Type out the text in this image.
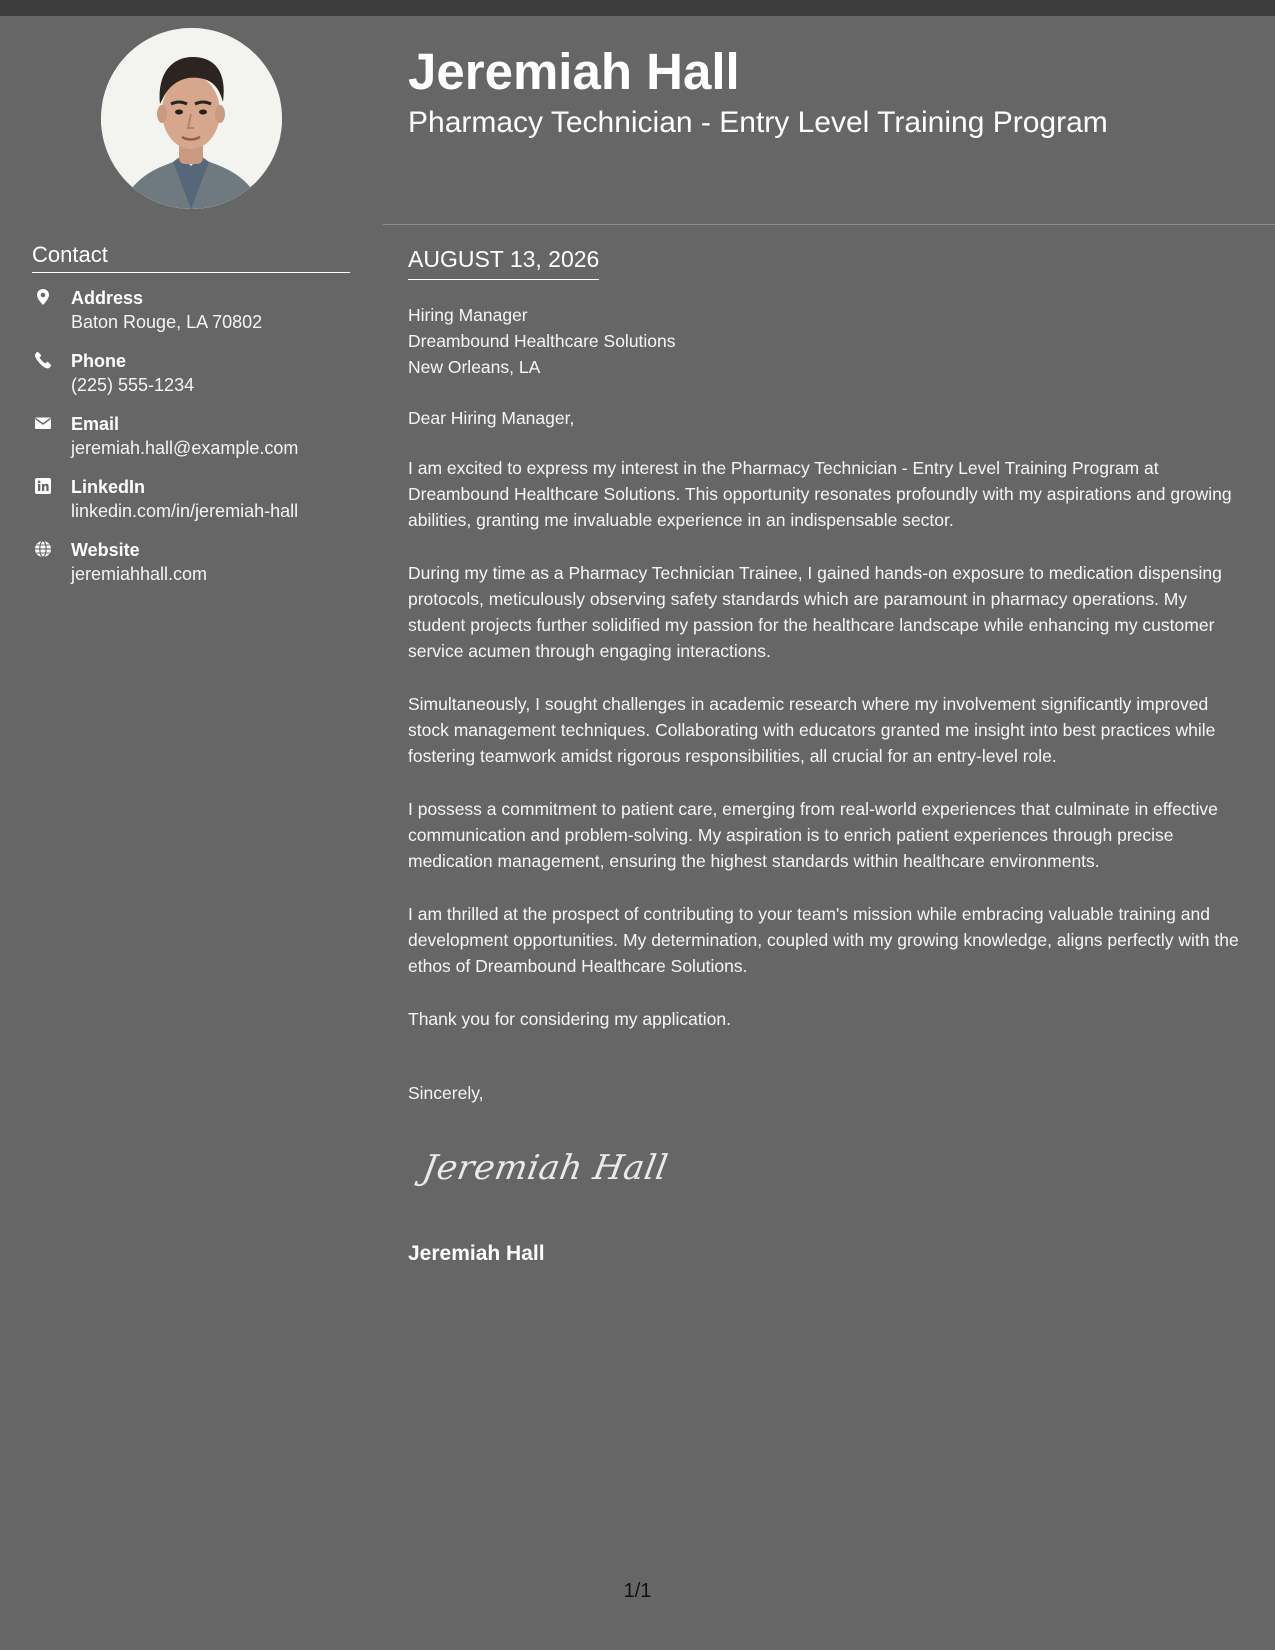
Contact
Address
Baton Rouge, LA 70802
Phone
(225) 555-1234
Email
jeremiah.hall@example.com
LinkedIn
linkedin.com/in/jeremiah-hall
Website
jeremiahhall.com
Jeremiah Hall
Pharmacy Technician - Entry Level Training Program
AUGUST 13, 2026
Hiring Manager
Dreambound Healthcare Solutions
New Orleans, LA

Dear Hiring Manager,

I am excited to express my interest in the Pharmacy Technician - Entry Level Training Program at Dreambound Healthcare Solutions. This opportunity resonates profoundly with my aspirations and growing abilities, granting me invaluable experience in an indispensable sector.

During my time as a Pharmacy Technician Trainee, I gained hands-on exposure to medication dispensing protocols, meticulously observing safety standards which are paramount in pharmacy operations. My student projects further solidified my passion for the healthcare landscape while enhancing my customer service acumen through engaging interactions.

Simultaneously, I sought challenges in academic research where my involvement significantly improved stock management techniques. Collaborating with educators granted me insight into best practices while fostering teamwork amidst rigorous responsibilities, all crucial for an entry-level role.

I possess a commitment to patient care, emerging from real-world experiences that culminate in effective communication and problem-solving. My aspiration is to enrich patient experiences through precise medication management, ensuring the highest standards within healthcare environments.

I am thrilled at the prospect of contributing to your team's mission while embracing valuable training and development opportunities. My determination, coupled with my growing knowledge, aligns perfectly with the ethos of Dreambound Healthcare Solutions.

Thank you for considering my application.

Sincerely,

Jeremiah Hall
Jeremiah Hall
1/1
